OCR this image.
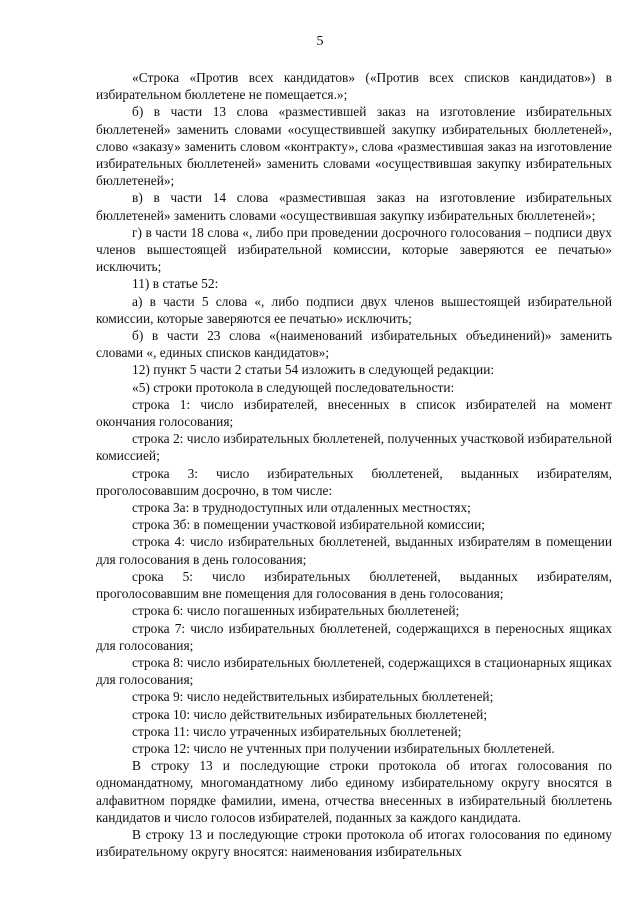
5

«Строка «Против всех кандидатов» («Против всех списков кандидатов») в избирательном бюллетене не помещается.»;

б) в части 13 слова «разместившей заказ на изготовление избирательных бюллетеней» заменить словами «осуществившей закупку избирательных бюллетеней», слово «заказу» заменить словом «контракту», слова «разместившая заказ на изготовление избирательных бюллетеней» заменить словами «осуществившая закупку избирательных бюллетеней»;

в) в части 14 слова «разместившая заказ на изготовление избирательных бюллетеней» заменить словами «осуществившая закупку избирательных бюллетеней»;

г) в части 18 слова «, либо при проведении досрочного голосования – подписи двух членов вышестоящей избирательной комиссии, которые заверяются ее печатью» исключить;

11) в статье 52:

а) в части 5 слова «, либо подписи двух членов вышестоящей избирательной комиссии, которые заверяются ее печатью» исключить;

б) в части 23 слова «(наименований избирательных объединений)» заменить словами «, единых списков кандидатов»;

12) пункт 5 части 2 статьи 54 изложить в следующей редакции:

«5) строки протокола в следующей последовательности:

строка 1: число избирателей, внесенных в список избирателей на момент окончания голосования;

строка 2: число избирательных бюллетеней, полученных участковой избирательной комиссией;

строка 3: число избирательных бюллетеней, выданных избирателям, проголосовавшим досрочно, в том числе:

строка 3а: в труднодоступных или отдаленных местностях;

строка 3б: в помещении участковой избирательной комиссии;

строка 4: число избирательных бюллетеней, выданных избирателям в помещении для голосования в день голосования;

срока 5: число избирательных бюллетеней, выданных избирателям, проголосовавшим вне помещения для голосования в день голосования;

строка 6: число погашенных избирательных бюллетеней;

строка 7: число избирательных бюллетеней, содержащихся в переносных ящиках для голосования;

строка 8: число избирательных бюллетеней, содержащихся в стационарных ящиках для голосования;

строка 9: число недействительных избирательных бюллетеней;

строка 10: число действительных избирательных бюллетеней;

строка 11: число утраченных избирательных бюллетеней;

строка 12: число не учтенных при получении избирательных бюллетеней.

В строку 13 и последующие строки протокола об итогах голосования по одномандатному, многомандатному либо единому избирательному округу вносятся в алфавитном порядке фамилии, имена, отчества внесенных в избирательный бюллетень кандидатов и число голосов избирателей, поданных за каждого кандидата.

В строку 13 и последующие строки протокола об итогах голосования по единому избирательному округу вносятся: наименования избирательных
